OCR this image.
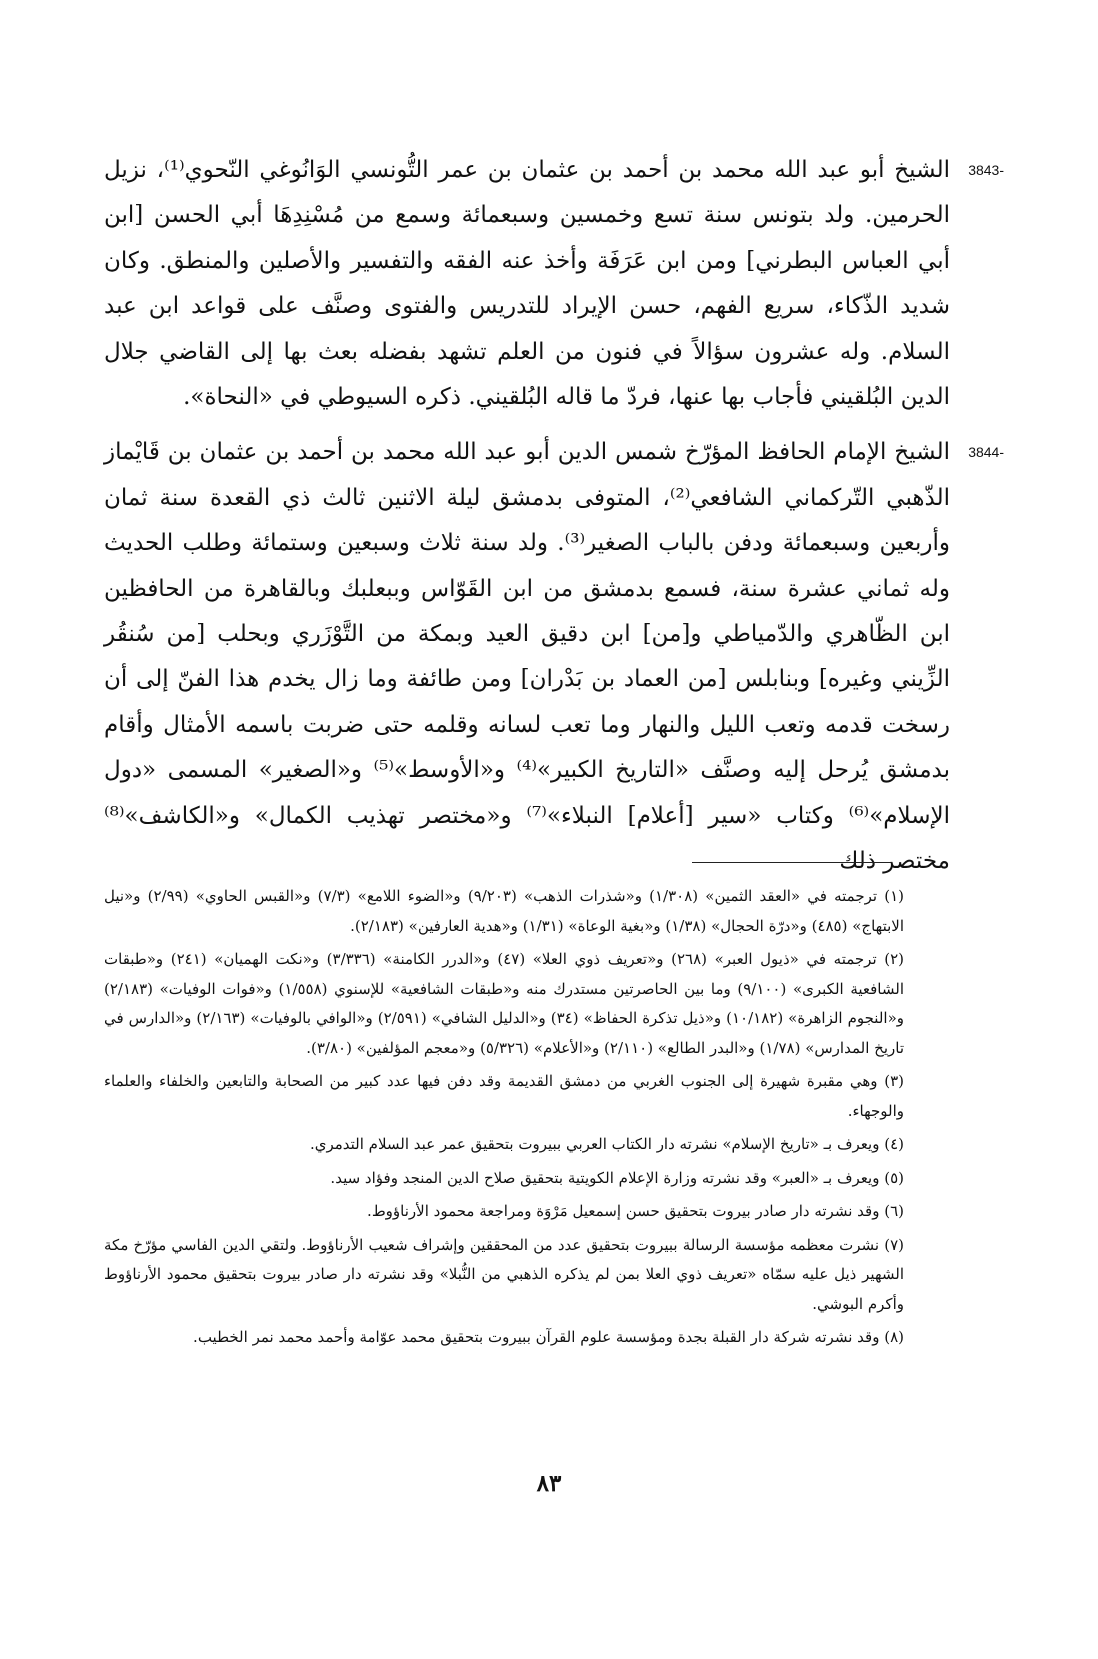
3843-
الشيخ أبو عبد الله محمد بن أحمد بن عثمان بن عمر التُّونسي الوَانُوغي النّحوي⁽¹⁾، نزيل الحرمين. ولد بتونس سنة تسع وخمسين وسبعمائة وسمع من مُسْنِدِهَا أبي الحسن [ابن أبي العباس البطرني] ومن ابن عَرَفَة وأخذ عنه الفقه والتفسير والأصلين والمنطق. وكان شديد الذّكاء، سريع الفهم، حسن الإيراد للتدريس والفتوى وصنَّف على قواعد ابن عبد السلام. وله عشرون سؤالاً في فنون من العلم تشهد بفضله بعث بها إلى القاضي جلال الدين البُلقيني فأجاب بها عنها، فردّ ما قاله البُلقيني. ذكره السيوطي في «النحاة».
3844-
الشيخ الإمام الحافظ المؤرّخ شمس الدين أبو عبد الله محمد بن أحمد بن عثمان بن قَايْماز الذّهبي التّركماني الشافعي⁽²⁾، المتوفى بدمشق ليلة الاثنين ثالث ذي القعدة سنة ثمان وأربعين وسبعمائة ودفن بالباب الصغير⁽³⁾. ولد سنة ثلاث وسبعين وستمائة وطلب الحديث وله ثماني عشرة سنة، فسمع بدمشق من ابن القَوّاس وببعلبك وبالقاهرة من الحافظين ابن الظّاهري والدّمياطي و[من] ابن دقيق العيد وبمكة من التَّوْزَري وبحلب [من سُنقُر الزِّيني وغيره] وبنابلس [من العماد بن بَدْران] ومن طائفة وما زال يخدم هذا الفنّ إلى أن رسخت قدمه وتعب الليل والنهار وما تعب لسانه وقلمه حتى ضربت باسمه الأمثال وأقام بدمشق يُرحل إليه وصنَّف «التاريخ الكبير»⁽⁴⁾ و«الأوسط»⁽⁵⁾ و«الصغير» المسمى «دول الإسلام»⁽⁶⁾ وكتاب «سير [أعلام] النبلاء»⁽⁷⁾ و«مختصر تهذيب الكمال» و«الكاشف»⁽⁸⁾ مختصر ذلك
(١) ترجمته في «العقد الثمين» (١/٣٠٨) و«شذرات الذهب» (٩/٢٠٣) و«الضوء اللامع» (٧/٣) و«القبس الحاوي» (٢/٩٩) و«نيل الابتهاج» (٤٨٥) و«درّة الحجال» (١/٣٨) و«بغية الوعاة» (١/٣١) و«هدية العارفين» (٢/١٨٣).
(٢) ترجمته في «ذيول العبر» (٢٦٨) و«تعريف ذوي العلا» (٤٧) و«الدرر الكامنة» (٣/٣٣٦) و«نكت الهميان» (٢٤١) و«طبقات الشافعية الكبرى» (٩/١٠٠) وما بين الحاصرتين مستدرك منه و«طبقات الشافعية» للإسنوي (١/٥٥٨) و«فوات الوفيات» (٢/١٨٣) و«النجوم الزاهرة» (١٠/١٨٢) و«ذيل تذكرة الحفاظ» (٣٤) و«الدليل الشافي» (٢/٥٩١) و«الوافي بالوفيات» (٢/١٦٣) و«الدارس في تاريخ المدارس» (١/٧٨) و«البدر الطالع» (٢/١١٠) و«الأعلام» (٥/٣٢٦) و«معجم المؤلفين» (٣/٨٠).
(٣) وهي مقبرة شهيرة إلى الجنوب الغربي من دمشق القديمة وقد دفن فيها عدد كبير من الصحابة والتابعين والخلفاء والعلماء والوجهاء.
(٤) ويعرف بـ «تاريخ الإسلام» نشرته دار الكتاب العربي ببيروت بتحقيق عمر عبد السلام التدمري.
(٥) ويعرف بـ «العبر» وقد نشرته وزارة الإعلام الكويتية بتحقيق صلاح الدين المنجد وفؤاد سيد.
(٦) وقد نشرته دار صادر بيروت بتحقيق حسن إسمعيل مَرْوَة ومراجعة محمود الأرناؤوط.
(٧) نشرت معظمه مؤسسة الرسالة ببيروت بتحقيق عدد من المحققين وإشراف شعيب الأرناؤوط. ولتقي الدين الفاسي مؤرّخ مكة الشهير ذيل عليه سمّاه «تعريف ذوي العلا بمن لم يذكره الذهبي من النُّبلا» وقد نشرته دار صادر بيروت بتحقيق محمود الأرناؤوط وأكرم البوشي.
(٨) وقد نشرته شركة دار القبلة بجدة ومؤسسة علوم القرآن ببيروت بتحقيق محمد عوّامة وأحمد محمد نمر الخطيب.
٨٣
